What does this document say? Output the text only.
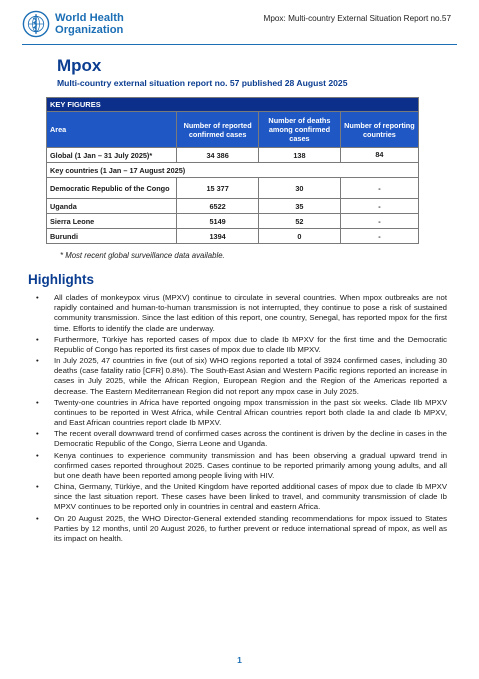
World Health
Organization
Mpox: Multi-country External Situation Report no.57
Mpox
Multi-country external situation report no. 57 published 28 August 2025
KEY FIGURES			
Area	Number of reported confirmed cases	Number of deaths among confirmed cases	Number of reporting countries
Global (1 Jan – 31 July 2025)*	34 386	138	84
Key countries (1 Jan – 17 August 2025)			
Democratic Republic of the Congo	15 377	30	-
Uganda	6522	35	-
Sierra Leone	5149	52	-
Burundi	1394	0	-
* Most recent global surveillance data available.
Highlights
• All clades of monkeypox virus (MPXV) continue to circulate in several countries. When mpox outbreaks are not rapidly contained and human-to-human transmission is not interrupted, they continue to pose a risk of sustained community transmission. Since the last edition of this report, one country, Senegal, has reported mpox for the first time. Efforts to identify the clade are underway.
• Furthermore, Türkiye has reported cases of mpox due to clade Ib MPXV for the first time and the Democratic Republic of Congo has reported its first cases of mpox due to clade IIb MPXV.
• In July 2025, 47 countries in five (out of six) WHO regions reported a total of 3924 confirmed cases, including 30 deaths (case fatality ratio [CFR] 0.8%). The South-East Asian and Western Pacific regions reported an increase in cases in July 2025, while the African Region, European Region and the Region of the Americas reported a decrease. The Eastern Mediterranean Region did not report any mpox case in July 2025.
• Twenty-one countries in Africa have reported ongoing mpox transmission in the past six weeks. Clade IIb MPXV continues to be reported in West Africa, while Central African countries report both clade Ia and clade Ib MPXV, and East African countries report clade Ib MPXV.
• The recent overall downward trend of confirmed cases across the continent is driven by the decline in cases in the Democratic Republic of the Congo, Sierra Leone and Uganda.
• Kenya continues to experience community transmission and has been observing a gradual upward trend in confirmed cases reported throughout 2025. Cases continue to be reported primarily among young adults, and all but one death have been reported among people living with HIV.
• China, Germany, Türkiye, and the United Kingdom have reported additional cases of mpox due to clade Ib MPXV since the last situation report. These cases have been linked to travel, and community transmission of clade Ib MPXV continues to be reported only in countries in central and eastern Africa.
• On 20 August 2025, the WHO Director-General extended standing recommendations for mpox issued to States Parties by 12 months, until 20 August 2026, to further prevent or reduce international spread of mpox, as well as its impact on health.
1
